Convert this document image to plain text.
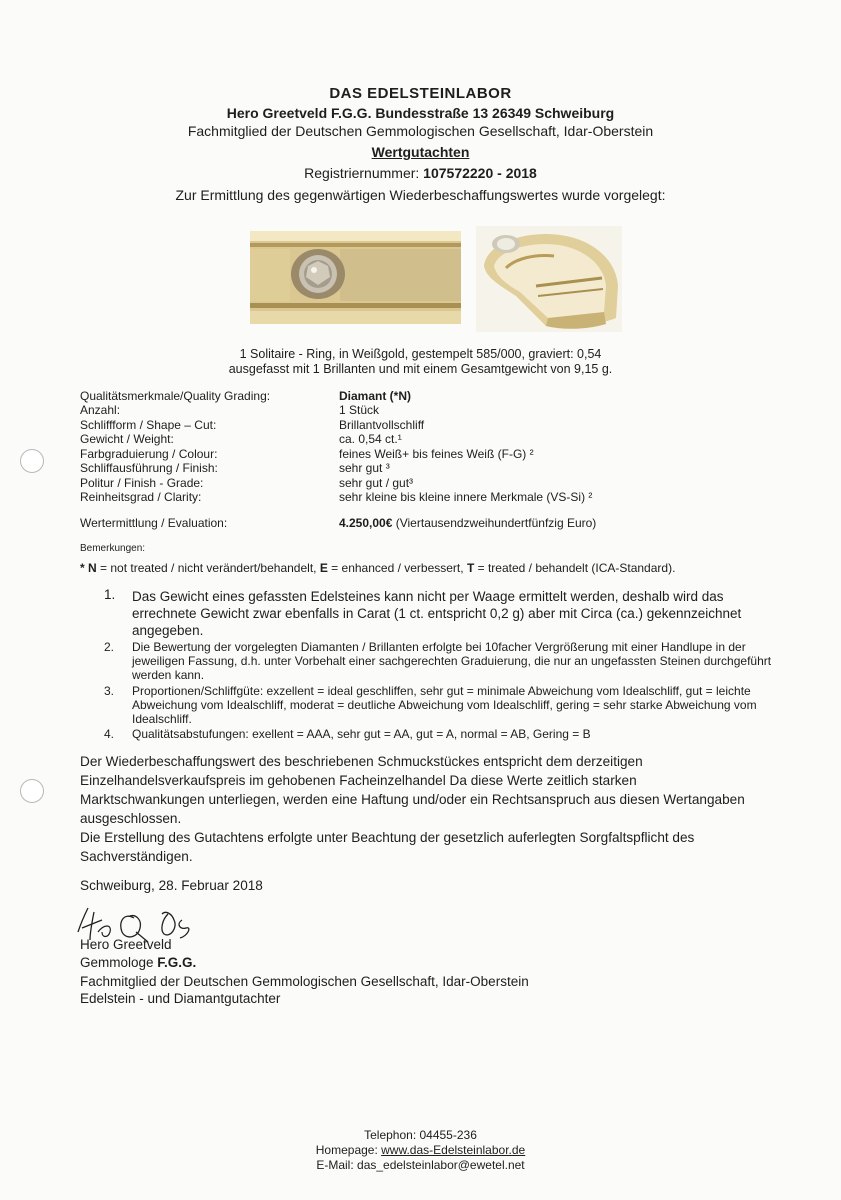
DAS EDELSTEINLABOR
Hero Greetveld F.G.G. Bundesstraße 13 26349 Schweiburg
Fachmitglied der Deutschen Gemmologischen Gesellschaft, Idar-Oberstein
Wertgutachten
Registriernummer: 107572220 - 2018
Zur Ermittlung des gegenwärtigen Wiederbeschaffungswertes wurde vorgelegt:
1 Solitaire - Ring, in Weißgold, gestempelt 585/000, graviert: 0,54
ausgefasst mit 1 Brillanten und mit einem Gesamtgewicht von 9,15 g.
Qualitätsmerkmale/Quality Grading:	Diamant (*N)
Anzahl:	1 Stück
Schliffform / Shape – Cut:	Brillantvollschliff
Gewicht / Weight:	ca. 0,54 ct.¹
Farbgraduierung / Colour:	feines Weiß+ bis feines Weiß (F-G) ²
Schliffausführung / Finish:	sehr gut ³
Politur / Finish - Grade:	sehr gut / gut³
Reinheitsgrad / Clarity:	sehr kleine bis kleine innere Merkmale (VS-Si) ²
Wertermittlung / Evaluation:	4.250,00€ (Viertausendzweihundertfünfzig Euro)
Bemerkungen:
* N = not treated / nicht verändert/behandelt, E = enhanced / verbessert, T = treated / behandelt (ICA-Standard).
1. Das Gewicht eines gefassten Edelsteines kann nicht per Waage ermittelt werden, deshalb wird das errechnete Gewicht zwar ebenfalls in Carat (1 ct. entspricht 0,2 g) aber mit Circa (ca.) gekennzeichnet angegeben.
2. Die Bewertung der vorgelegten Diamanten / Brillanten erfolgte bei 10facher Vergrößerung mit einer Handlupe in der jeweiligen Fassung, d.h. unter Vorbehalt einer sachgerechten Graduierung, die nur an ungefassten Steinen durchgeführt werden kann.
3. Proportionen/Schliffgüte: exzellent = ideal geschliffen, sehr gut = minimale Abweichung vom Idealschliff, gut = leichte Abweichung vom Idealschliff, moderat = deutliche Abweichung vom Idealschliff, gering = sehr starke Abweichung vom Idealschliff.
4. Qualitätsabstufungen: exellent = AAA, sehr gut = AA, gut = A, normal = AB, Gering = B
Der Wiederbeschaffungswert des beschriebenen Schmuckstückes entspricht dem derzeitigen Einzelhandelsverkaufspreis im gehobenen Facheinzelhandel Da diese Werte zeitlich starken Marktschwankungen unterliegen, werden eine Haftung und/oder ein Rechtsanspruch aus diesen Wertangaben ausgeschlossen.
Die Erstellung des Gutachtens erfolgte unter Beachtung der gesetzlich auferlegten Sorgfaltspflicht des Sachverständigen.
Schweiburg, 28. Februar 2018
Hero Greetveld
Gemmologe F.G.G.
Fachmitglied der Deutschen Gemmologischen Gesellschaft, Idar-Oberstein
Edelstein - und Diamantgutachter
Telephon: 04455-236
Homepage: www.das-Edelsteinlabor.de
E-Mail: das_edelsteinlabor@ewetel.net
